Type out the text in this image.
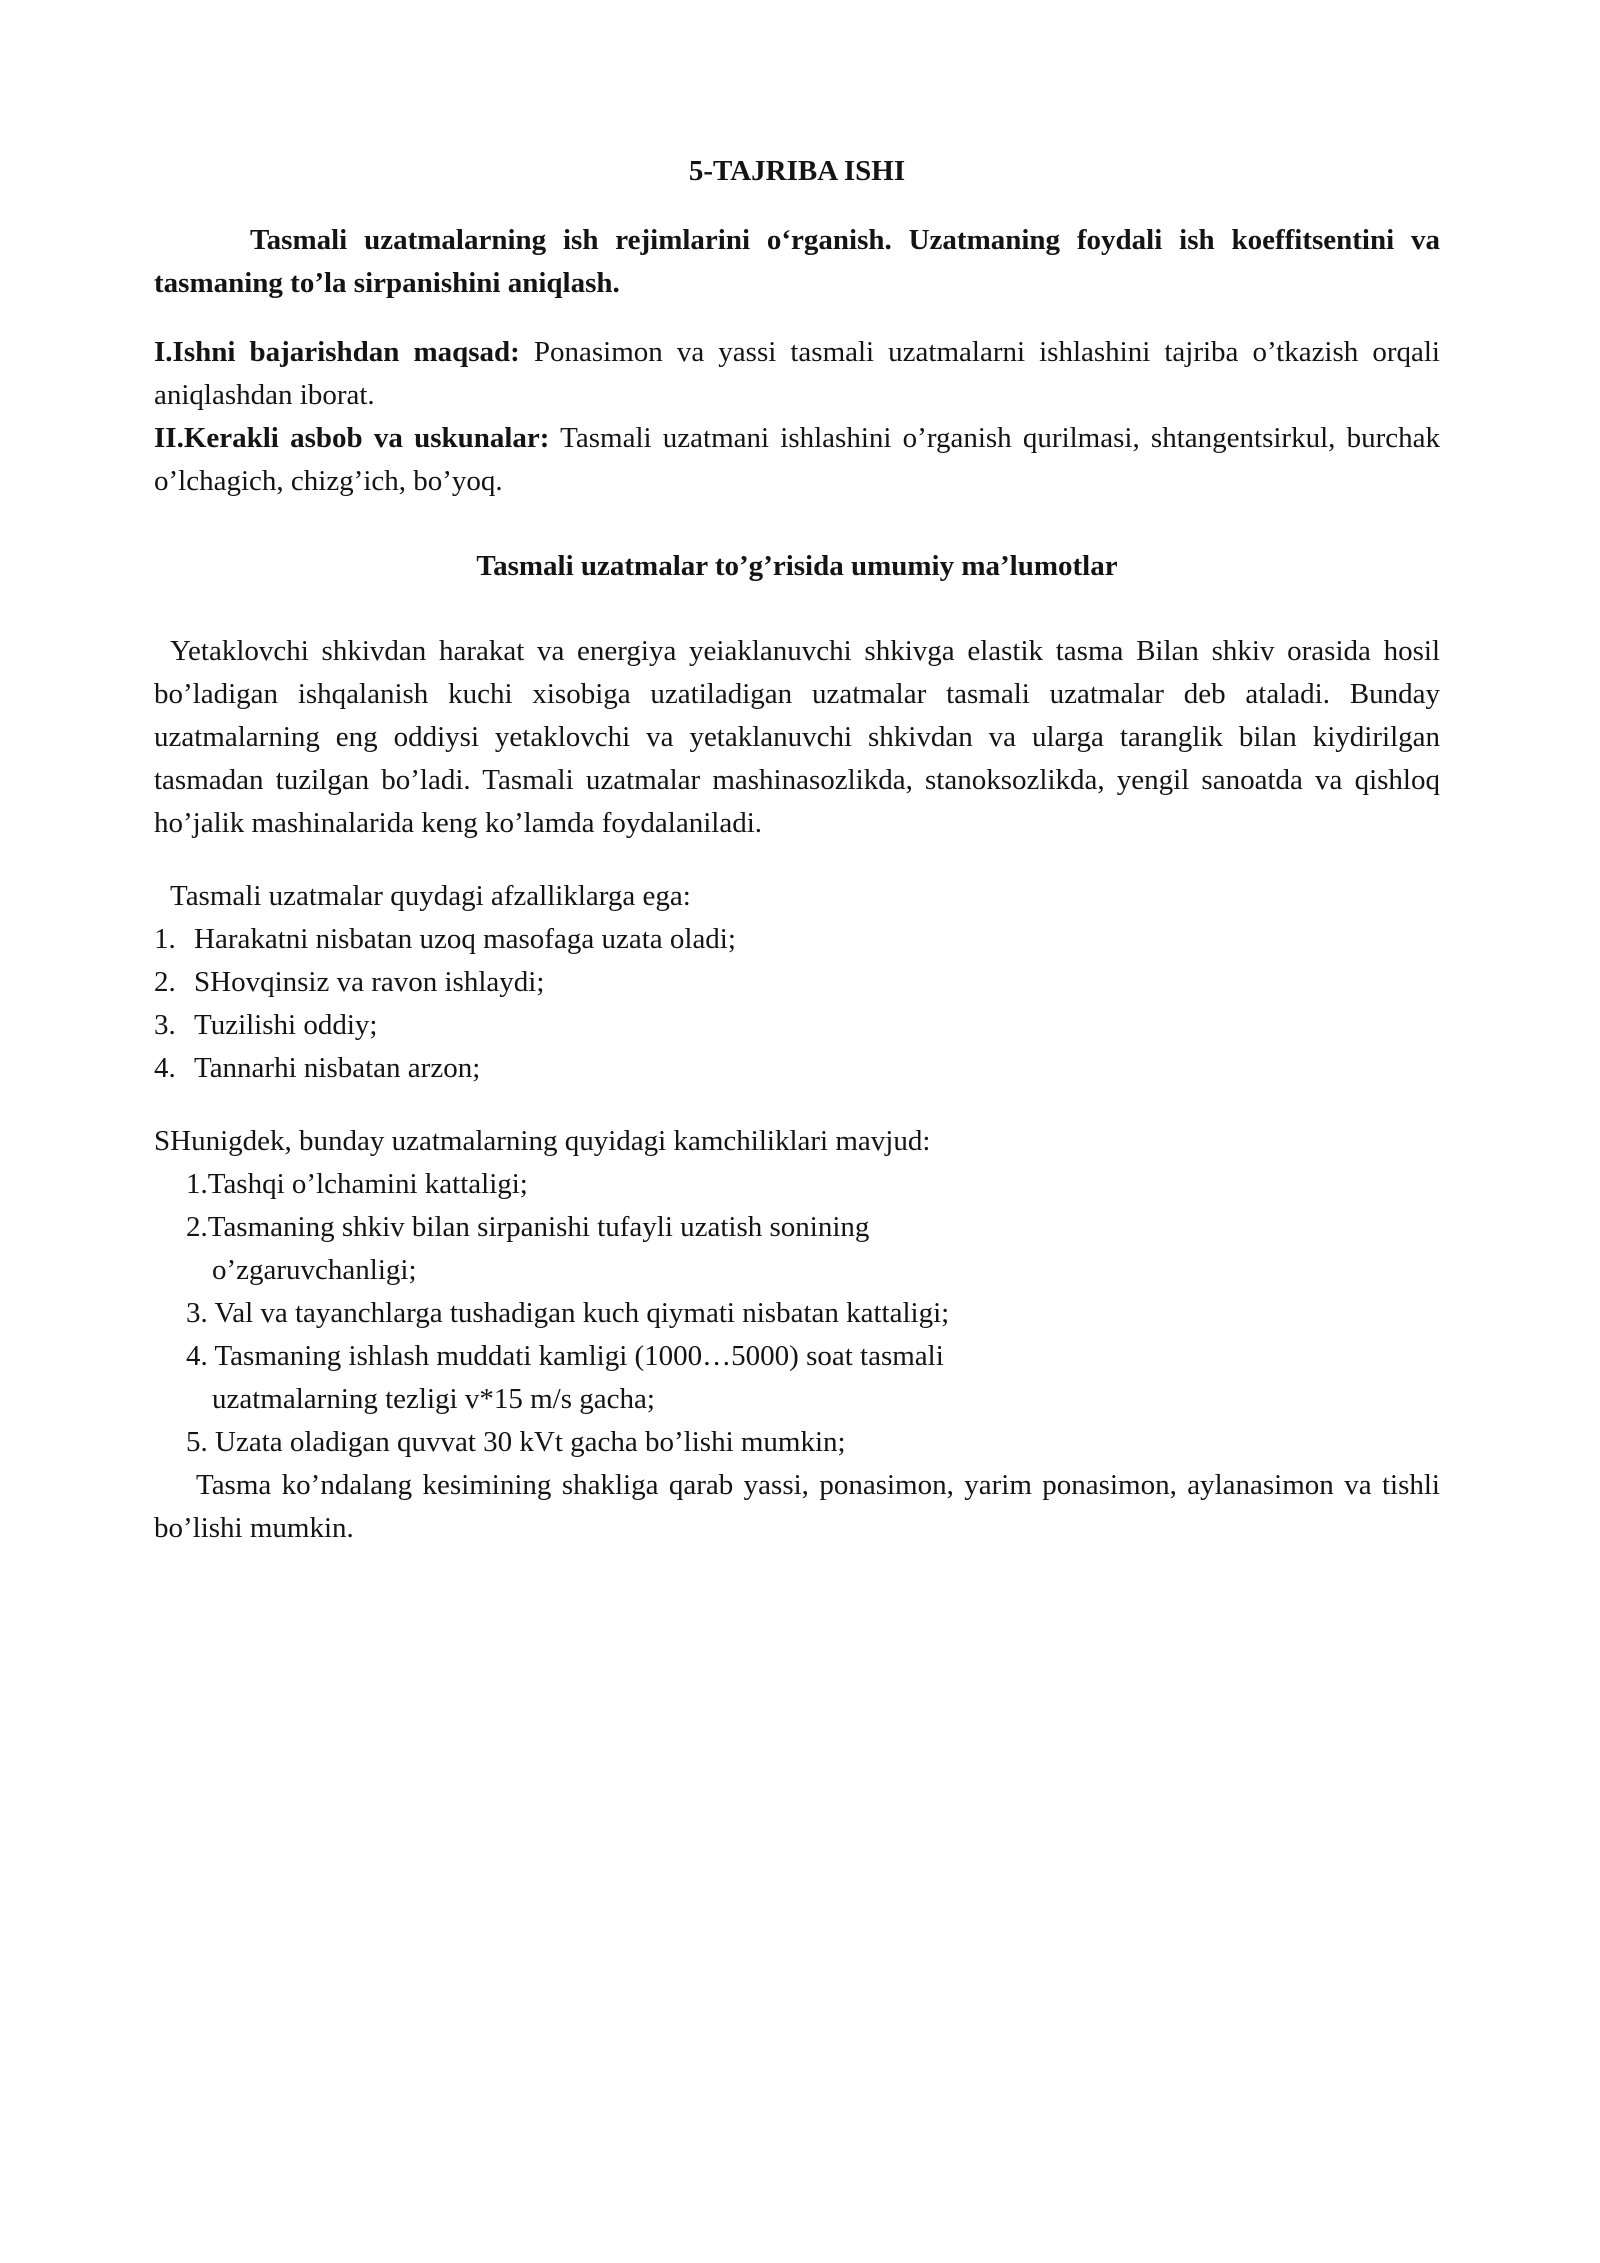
5-TAJRIBA ISHI
Tasmali uzatmalarning ish rejimlarini o‘rganish. Uzatmaning foydali ish koeffitsentini va tasmaning to’la sirpanishini aniqlash.

I.Ishni bajarishdan maqsad: Ponasimon va yassi tasmali uzatmalarni ishlashini tajriba o’tkazish orqali aniqlashdan iborat.

II.Kerakli asbob va uskunalar: Tasmali uzatmani ishlashini o’rganish qurilmasi, shtangentsirkul, burchak o’lchagich, chizg’ich, bo’yoq.

Tasmali uzatmalar to’g’risida umumiy ma’lumotlar

Yetaklovchi shkivdan harakat va energiya yeiaklanuvchi shkivga elastik tasma Bilan shkiv orasida hosil bo’ladigan ishqalanish kuchi xisobiga uzatiladigan uzatmalar tasmali uzatmalar deb ataladi. Bunday uzatmalarning eng oddiysi yetaklovchi va yetaklanuvchi shkivdan va ularga taranglik bilan kiydirilgan tasmadan tuzilgan bo’ladi. Tasmali uzatmalar mashinasozlikda, stanoksozlikda, yengil sanoatda va qishloq ho’jalik mashinalarida keng ko’lamda foydalaniladi.

Tasmali uzatmalar quydagi afzalliklarga ega:

1. Harakatni nisbatan uzoq masofaga uzata oladi;
2. SHovqinsiz va ravon ishlaydi;
3. Tuzilishi oddiy;
4. Tannarhi nisbatan arzon;

SHunigdek, bunday uzatmalarning quyidagi kamchiliklari mavjud:

1.Tashqi o’lchamini kattaligi;
2.Tasmaning shkiv bilan sirpanishi tufayli uzatish sonining
o’zgaruvchanligi;
3. Val va tayanchlarga tushadigan kuch qiymati nisbatan kattaligi;
4. Tasmaning ishlash muddati kamligi (1000…5000) soat tasmali
uzatmalarning tezligi v*15 m/s gacha;
5. Uzata oladigan quvvat 30 kVt gacha bo’lishi mumkin;

Tasma ko’ndalang kesimining shakliga qarab yassi, ponasimon, yarim ponasimon, aylanasimon va tishli bo’lishi mumkin.
